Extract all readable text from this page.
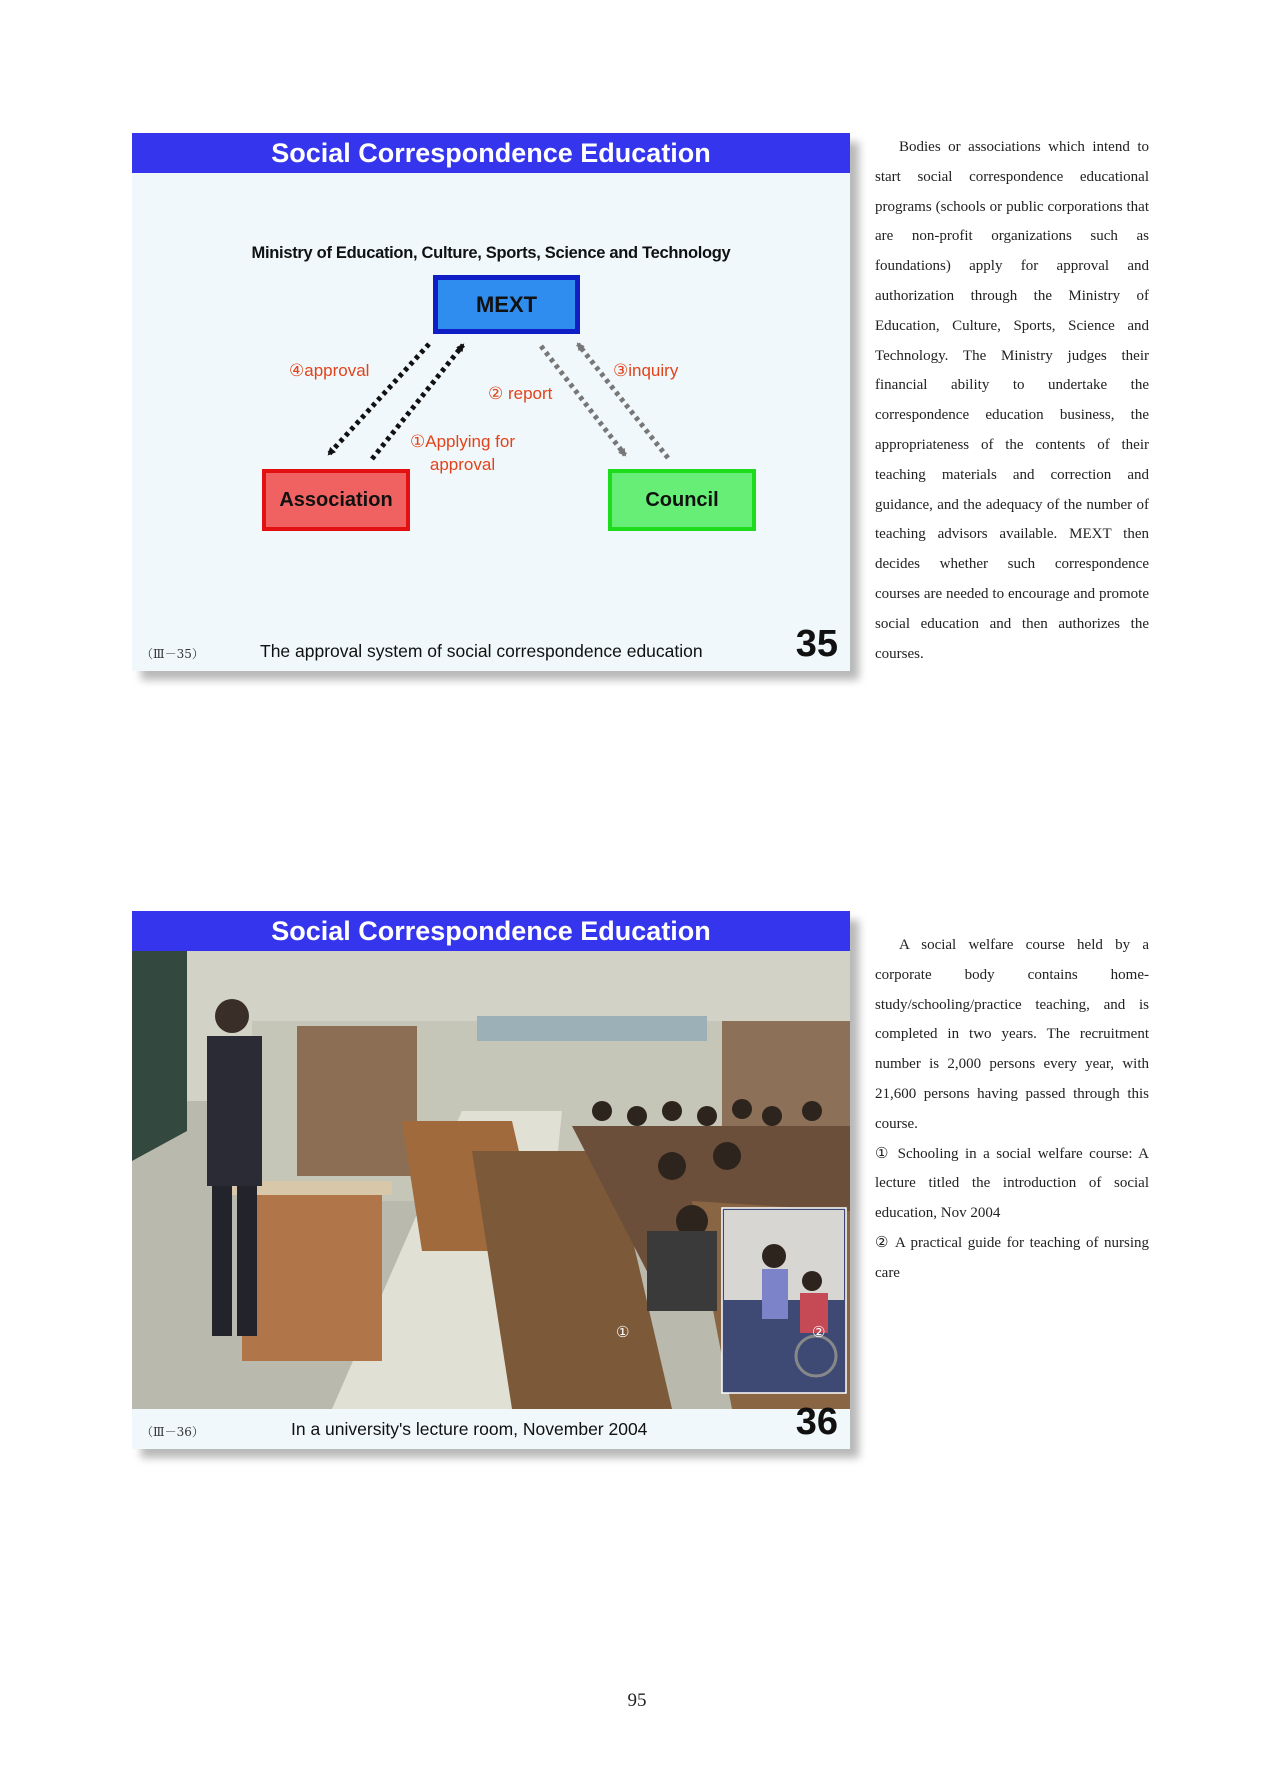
Social Correspondence Education
Ministry of Education, Culture, Sports, Science and Technology
MEXT
Association	Council
④approval
② report
③inquiry
①Applying for
approval
（Ⅲ－35）	The approval system of social correspondence education 35

Bodies or associations which intend to start social correspondence educational programs (schools or public corporations that are non-profit organizations such as foundations) apply for approval and authorization through the Ministry of Education, Culture, Sports, Science and Technology. The Ministry judges their financial ability to undertake the correspondence education business, the appropriateness of the contents of their teaching materials and correction and guidance, and the adequacy of the number of teaching advisors available. MEXT then decides whether such correspondence courses are needed to encourage and promote social education and then authorizes the courses.

Social Correspondence Education
①	②
（Ⅲ－36）	In a university's lecture room, November 2004	36

A social welfare course held by a corporate body contains home-study/schooling/practice teaching, and is completed in two years. The recruitment number is 2,000 persons every year, with 21,600 persons having passed through this course.

① Schooling in a social welfare course: A lecture titled the introduction of social education, Nov 2004

② A practical guide for teaching of nursing care

95
